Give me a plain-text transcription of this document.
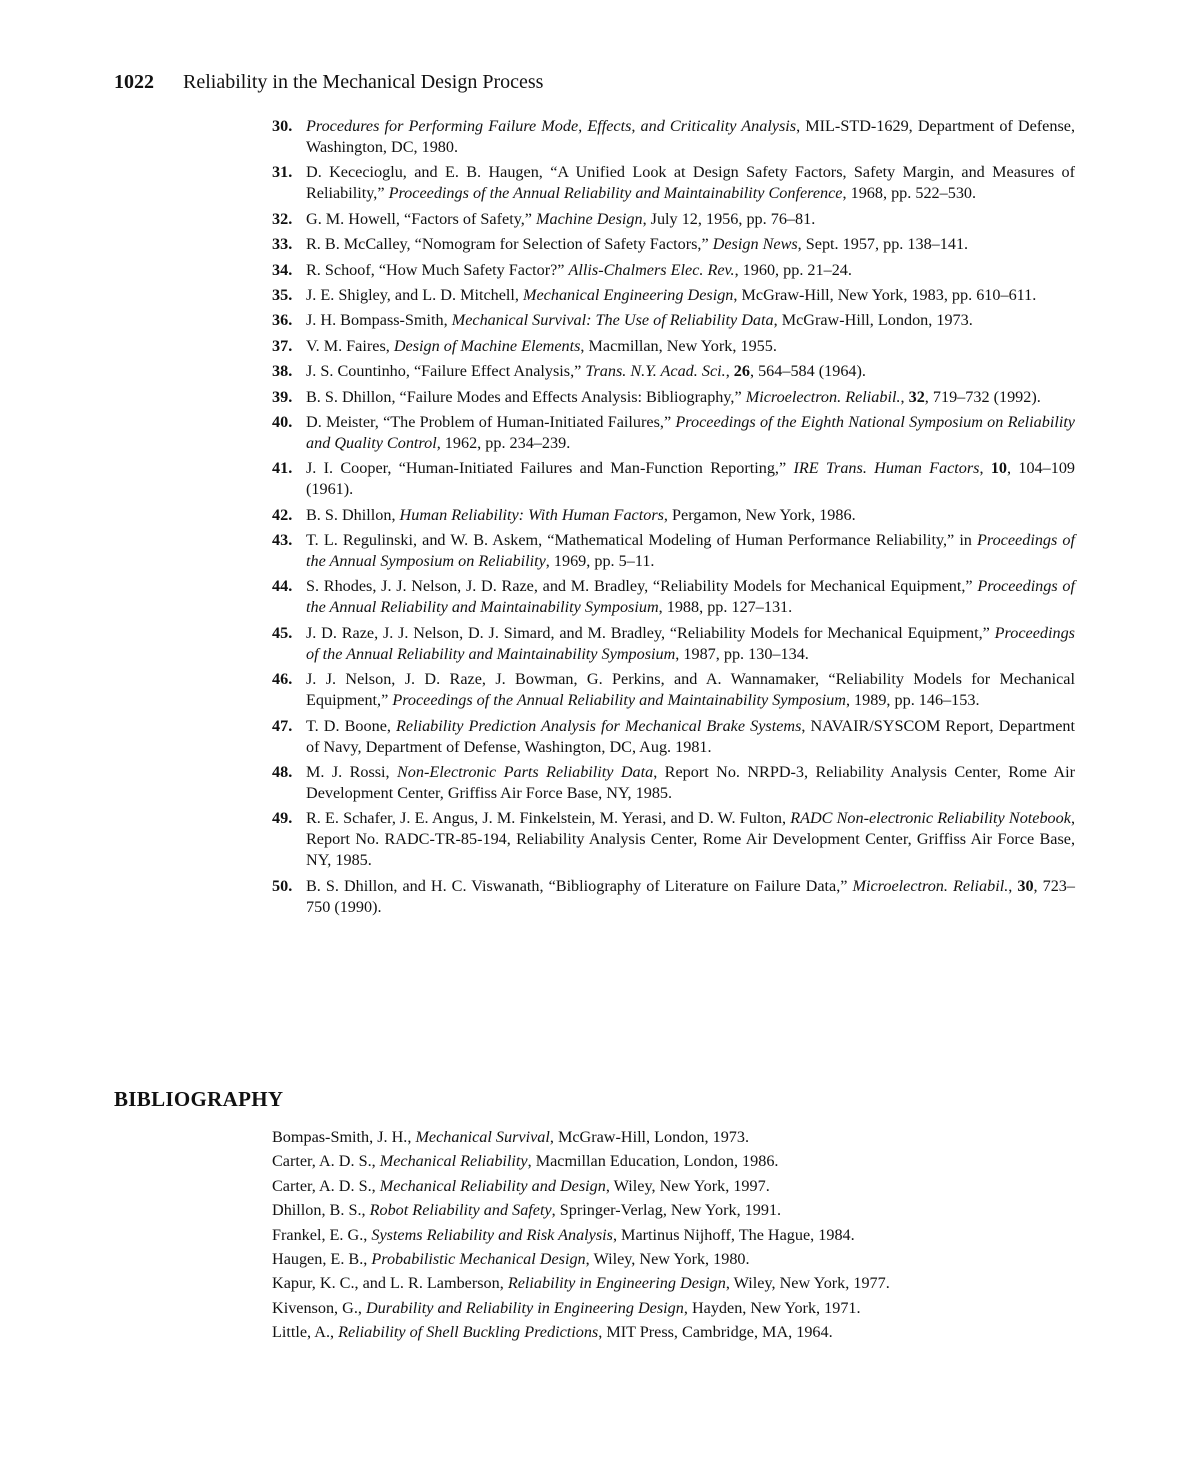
1022 Reliability in the Mechanical Design Process
30. Procedures for Performing Failure Mode, Effects, and Criticality Analysis, MIL-STD-1629, Department of Defense, Washington, DC, 1980.
31. D. Kececioglu, and E. B. Haugen, “A Unified Look at Design Safety Factors, Safety Margin, and Measures of Reliability,” Proceedings of the Annual Reliability and Maintainability Conference, 1968, pp. 522–530.
32. G. M. Howell, “Factors of Safety,” Machine Design, July 12, 1956, pp. 76–81.
33. R. B. McCalley, “Nomogram for Selection of Safety Factors,” Design News, Sept. 1957, pp. 138–141.
34. R. Schoof, “How Much Safety Factor?” Allis-Chalmers Elec. Rev., 1960, pp. 21–24.
35. J. E. Shigley, and L. D. Mitchell, Mechanical Engineering Design, McGraw-Hill, New York, 1983, pp. 610–611.
36. J. H. Bompass-Smith, Mechanical Survival: The Use of Reliability Data, McGraw-Hill, London, 1973.
37. V. M. Faires, Design of Machine Elements, Macmillan, New York, 1955.
38. J. S. Countinho, “Failure Effect Analysis,” Trans. N.Y. Acad. Sci., 26, 564–584 (1964).
39. B. S. Dhillon, “Failure Modes and Effects Analysis: Bibliography,” Microelectron. Reliabil., 32, 719–732 (1992).
40. D. Meister, “The Problem of Human-Initiated Failures,” Proceedings of the Eighth National Symposium on Reliability and Quality Control, 1962, pp. 234–239.
41. J. I. Cooper, “Human-Initiated Failures and Man-Function Reporting,” IRE Trans. Human Factors, 10, 104–109 (1961).
42. B. S. Dhillon, Human Reliability: With Human Factors, Pergamon, New York, 1986.
43. T. L. Regulinski, and W. B. Askem, “Mathematical Modeling of Human Performance Reliability,” in Proceedings of the Annual Symposium on Reliability, 1969, pp. 5–11.
44. S. Rhodes, J. J. Nelson, J. D. Raze, and M. Bradley, “Reliability Models for Mechanical Equipment,” Proceedings of the Annual Reliability and Maintainability Symposium, 1988, pp. 127–131.
45. J. D. Raze, J. J. Nelson, D. J. Simard, and M. Bradley, “Reliability Models for Mechanical Equipment,” Proceedings of the Annual Reliability and Maintainability Symposium, 1987, pp. 130–134.
46. J. J. Nelson, J. D. Raze, J. Bowman, G. Perkins, and A. Wannamaker, “Reliability Models for Mechanical Equipment,” Proceedings of the Annual Reliability and Maintainability Symposium, 1989, pp. 146–153.
47. T. D. Boone, Reliability Prediction Analysis for Mechanical Brake Systems, NAVAIR/SYSCOM Report, Department of Navy, Department of Defense, Washington, DC, Aug. 1981.
48. M. J. Rossi, Non-Electronic Parts Reliability Data, Report No. NRPD-3, Reliability Analysis Center, Rome Air Development Center, Griffiss Air Force Base, NY, 1985.
49. R. E. Schafer, J. E. Angus, J. M. Finkelstein, M. Yerasi, and D. W. Fulton, RADC Non-electronic Reliability Notebook, Report No. RADC-TR-85-194, Reliability Analysis Center, Rome Air Development Center, Griffiss Air Force Base, NY, 1985.
50. B. S. Dhillon, and H. C. Viswanath, “Bibliography of Literature on Failure Data,” Microelectron. Reliabil., 30, 723–750 (1990).
BIBLIOGRAPHY
Bompas-Smith, J. H., Mechanical Survival, McGraw-Hill, London, 1973.
Carter, A. D. S., Mechanical Reliability, Macmillan Education, London, 1986.
Carter, A. D. S., Mechanical Reliability and Design, Wiley, New York, 1997.
Dhillon, B. S., Robot Reliability and Safety, Springer-Verlag, New York, 1991.
Frankel, E. G., Systems Reliability and Risk Analysis, Martinus Nijhoff, The Hague, 1984.
Haugen, E. B., Probabilistic Mechanical Design, Wiley, New York, 1980.
Kapur, K. C., and L. R. Lamberson, Reliability in Engineering Design, Wiley, New York, 1977.
Kivenson, G., Durability and Reliability in Engineering Design, Hayden, New York, 1971.
Little, A., Reliability of Shell Buckling Predictions, MIT Press, Cambridge, MA, 1964.
